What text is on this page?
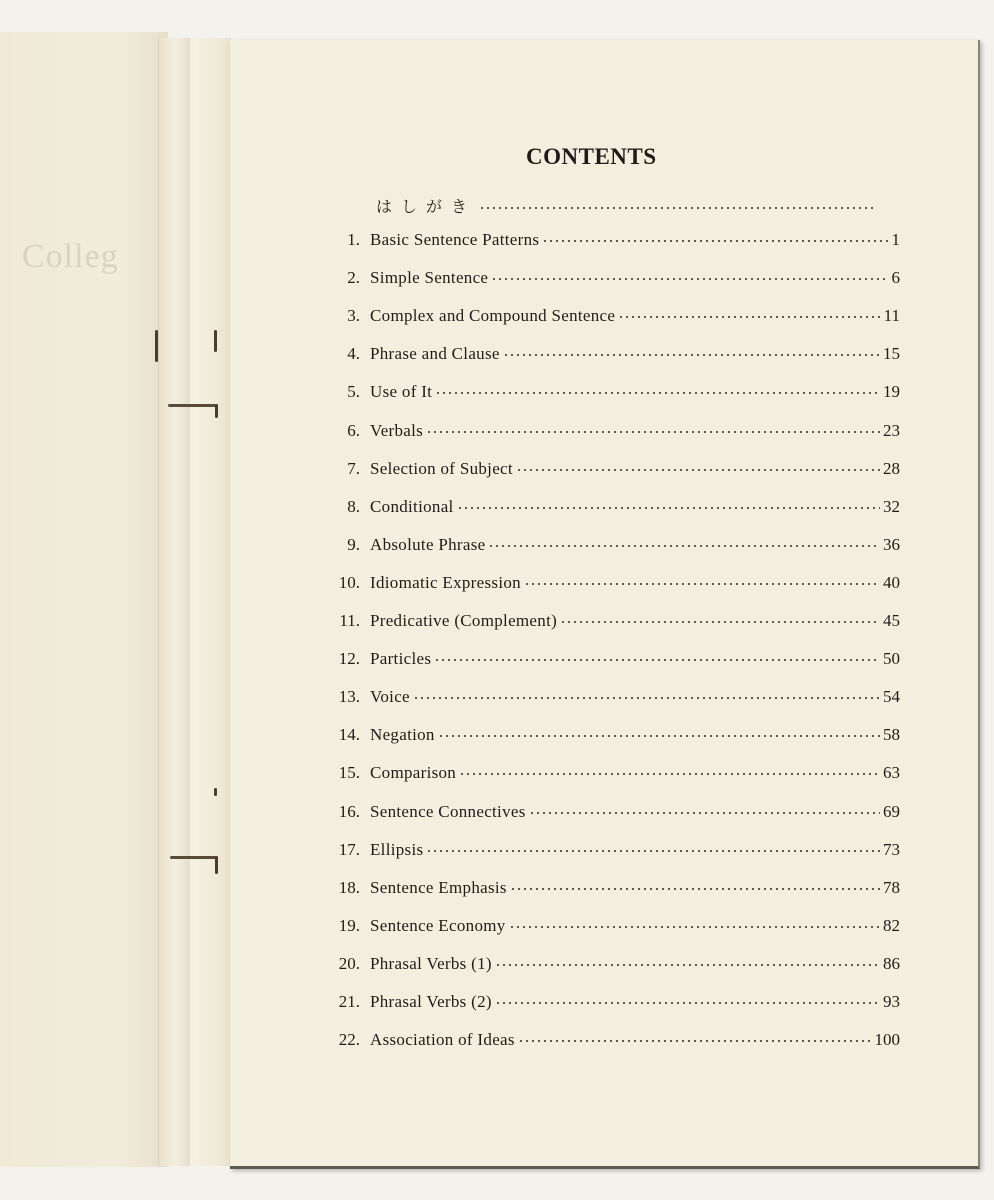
Colleg
CONTENTS
はしがき
1. Basic Sentence Patterns	1
2. Simple Sentence	6
3. Complex and Compound Sentence	11
4. Phrase and Clause	15
5. Use of It	19
6. Verbals	23
7. Selection of Subject	28
8. Conditional	32
9. Absolute Phrase	36
10. Idiomatic Expression	40
11. Predicative (Complement)	45
12. Particles	50
13. Voice	54
14. Negation	58
15. Comparison	63
16. Sentence Connectives	69
17. Ellipsis	73
18. Sentence Emphasis	78
19. Sentence Economy	82
20. Phrasal Verbs (1)	86
21. Phrasal Verbs (2)	93
22. Association of Ideas	100
